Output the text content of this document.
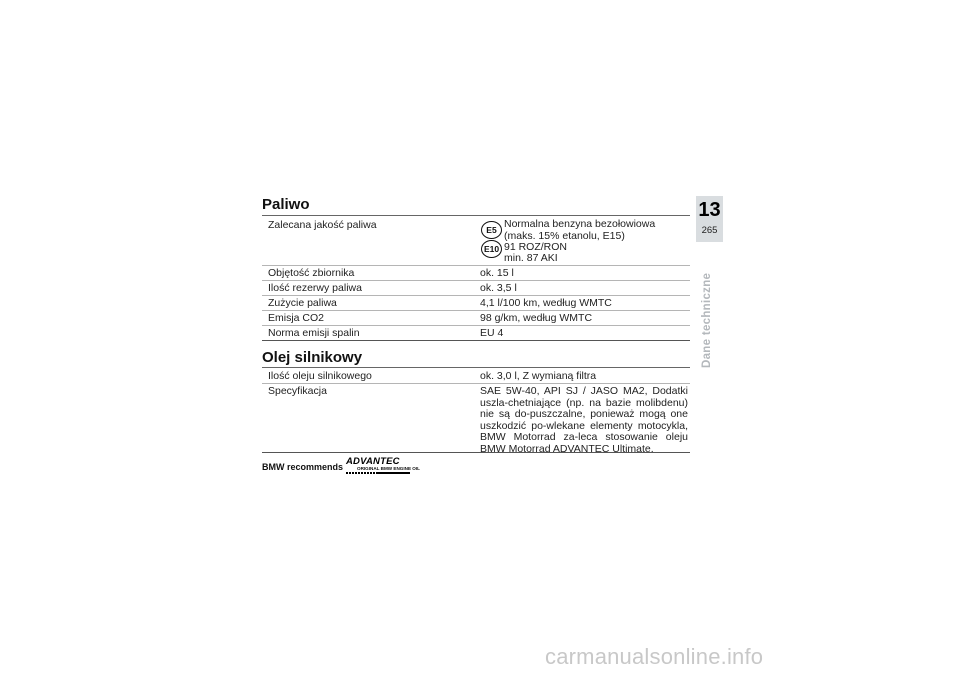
Paliwo
Zalecana jakość paliwa	E5 Normalna benzyna bezołowiowa (maks. 15% etanolu, E15)
E10 91 ROZ/RON
min. 87 AKI
Objętość zbiornika	ok. 15 l
Ilość rezerwy paliwa	ok. 3,5 l
Zużycie paliwa	4,1 l/100 km, według WMTC
Emisja CO2	98 g/km, według WMTC
Norma emisji spalin	EU 4
Olej silnikowy
Ilość oleju silnikowego	ok. 3,0 l, Z wymianą filtra
Specyfikacja	SAE 5W-40, API SJ / JASO MA2, Dodatki uszla-chetniające (np. na bazie molibdenu) nie są do-puszczalne, ponieważ mogą one uszkodzić po-wlekane elementy motocykla, BMW Motorrad za-leca stosowanie oleju BMW Motorrad ADVANTEC Ultimate.
BMW recommends ADVANTEC
ORIGINAL BMW ENGINE OIL
13
265
Dane techniczne
carmanualsonline.info
